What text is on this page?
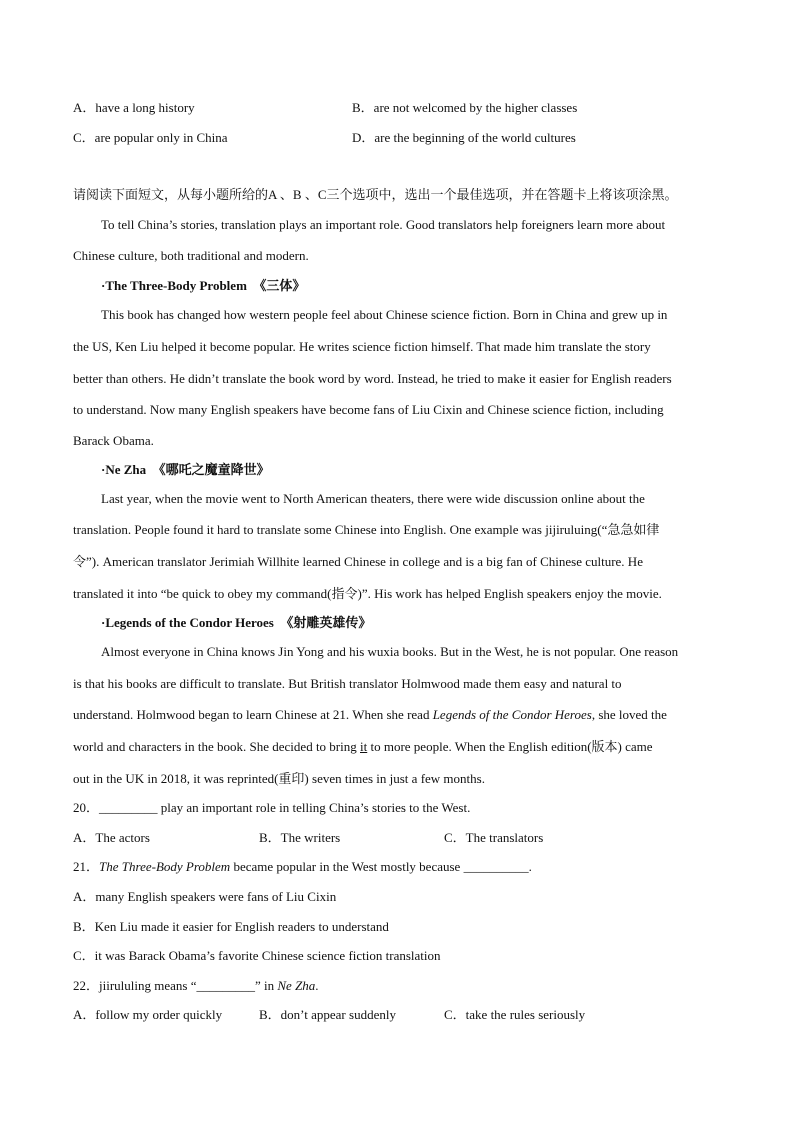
A．have a long history	B．are not welcomed by the higher classes
C．are popular only in China	D．are the beginning of the world cultures
请阅读下面短文，从每小题所给的A 、B 、C三个选项中，选出一个最佳选项，并在答题卡上将该项涂黑。
To tell China’s stories, translation plays an important role. Good translators help foreigners learn more about
Chinese culture, both traditional and modern.
·The Three-Body Problem　《三体》
This book has changed how western people feel about Chinese science fiction. Born in China and grew up in
the US, Ken Liu helped it become popular. He writes science fiction himself. That made him translate the story
better than others. He didn’t translate the book word by word. Instead, he tried to make it easier for English readers
to understand. Now many English speakers have become fans of Liu Cixin and Chinese science fiction, including
Barack Obama.
·Ne Zha　《哪吒之魔童降世》
Last year, when the movie went to North American theaters, there were wide discussion online about the
translation. People found it hard to translate some Chinese into English. One example was jijiruluing(“急急如律
令”). American translator Jerimiah Willhite learned Chinese in college and is a big fan of Chinese culture. He
translated it into “be quick to obey my command(指令)”. His work has helped English speakers enjoy the movie.
·Legends of the Condor Heroes　《射雕英雄传》
Almost everyone in China knows Jin Yong and his wuxia books. But in the West, he is not popular. One reason
is that his books are difficult to translate. But British translator Holmwood made them easy and natural to
understand. Holmwood began to learn Chinese at 21. When she read Legends of the Condor Heroes, she loved the
world and characters in the book. She decided to bring it to more people. When the English edition(版本) came
out in the UK in 2018, it was reprinted(重印) seven times in just a few months.
20．_________ play an important role in telling China’s stories to the West.
A．The actors	B．The writers	C．The translators
21．The Three-Body Problem became popular in the West mostly because __________.
A．many English speakers were fans of Liu Cixin
B．Ken Liu made it easier for English readers to understand
C．it was Barack Obama’s favorite Chinese science fiction translation
22．jiirululing means “_________” in Ne Zha.
A．follow my order quickly	B．don’t appear suddenly	C．take the rules seriously
